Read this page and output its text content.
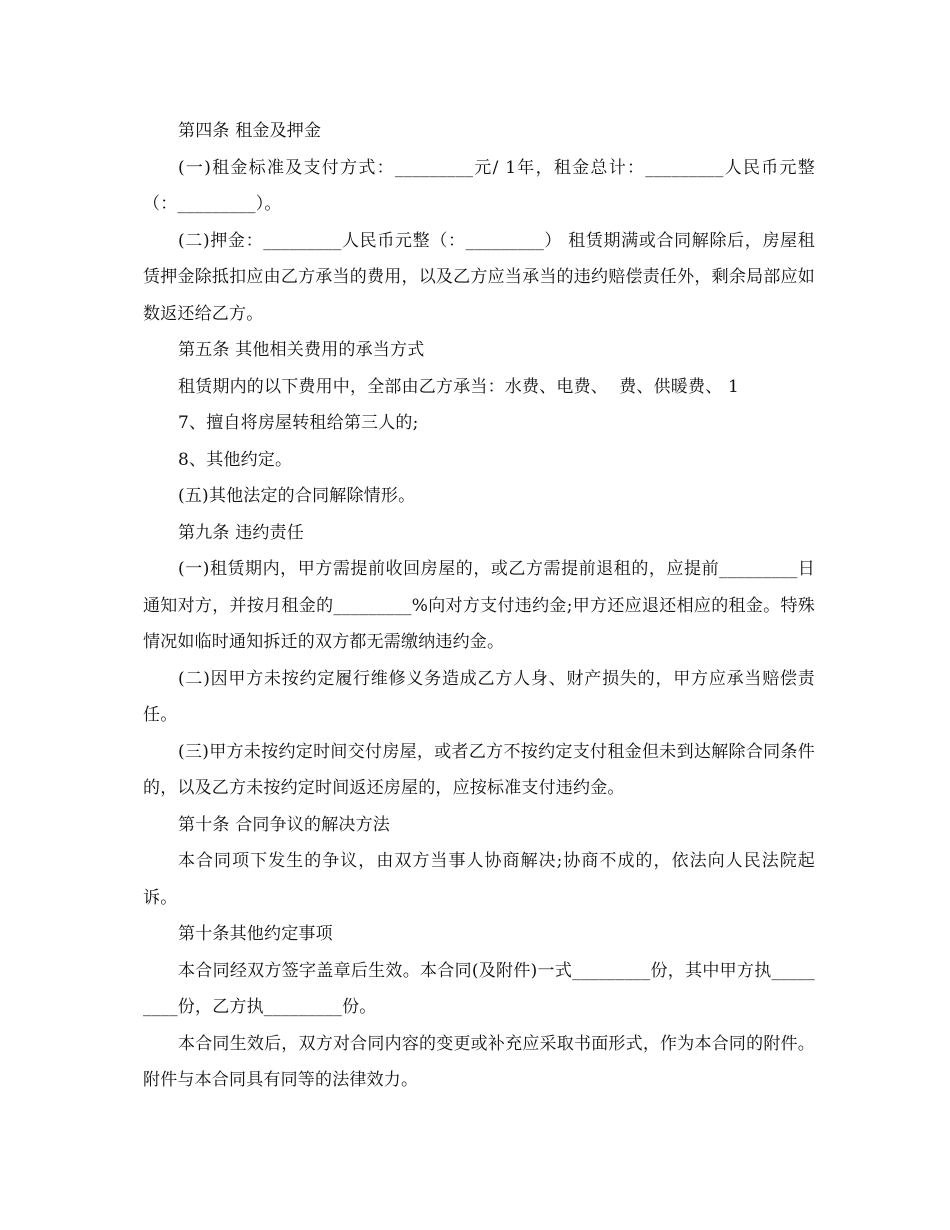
第四条 租金及押金

(一)租金标准及支付方式：_________元/ 1年，租金总计：_________人民币元整（：_________）。

(二)押金：_________人民币元整（：_________） 租赁期满或合同解除后，房屋租赁押金除抵扣应由乙方承当的费用，以及乙方应当承当的违约赔偿责任外，剩余局部应如数返还给乙方。

第五条 其他相关费用的承当方式

租赁期内的以下费用中，全部由乙方承当：水费、电费、  费、供暖费、 1

7、擅自将房屋转租给第三人的;

8、其他约定。

(五)其他法定的合同解除情形。

第九条 违约责任

(一)租赁期内，甲方需提前收回房屋的，或乙方需提前退租的，应提前_________日通知对方，并按月租金的_________%向对方支付违约金;甲方还应退还相应的租金。特殊情况如临时通知拆迁的双方都无需缴纳违约金。

(二)因甲方未按约定履行维修义务造成乙方人身、财产损失的，甲方应承当赔偿责任。

(三)甲方未按约定时间交付房屋，或者乙方不按约定支付租金但未到达解除合同条件的，以及乙方未按约定时间返还房屋的，应按标准支付违约金。

第十条 合同争议的解决方法

本合同项下发生的争议，由双方当事人协商解决;协商不成的，依法向人民法院起诉。

第十条其他约定事项

本合同经双方签字盖章后生效。本合同(及附件)一式_________份，其中甲方执_________份，乙方执_________份。

本合同生效后，双方对合同内容的变更或补充应采取书面形式，作为本合同的附件。附件与本合同具有同等的法律效力。
